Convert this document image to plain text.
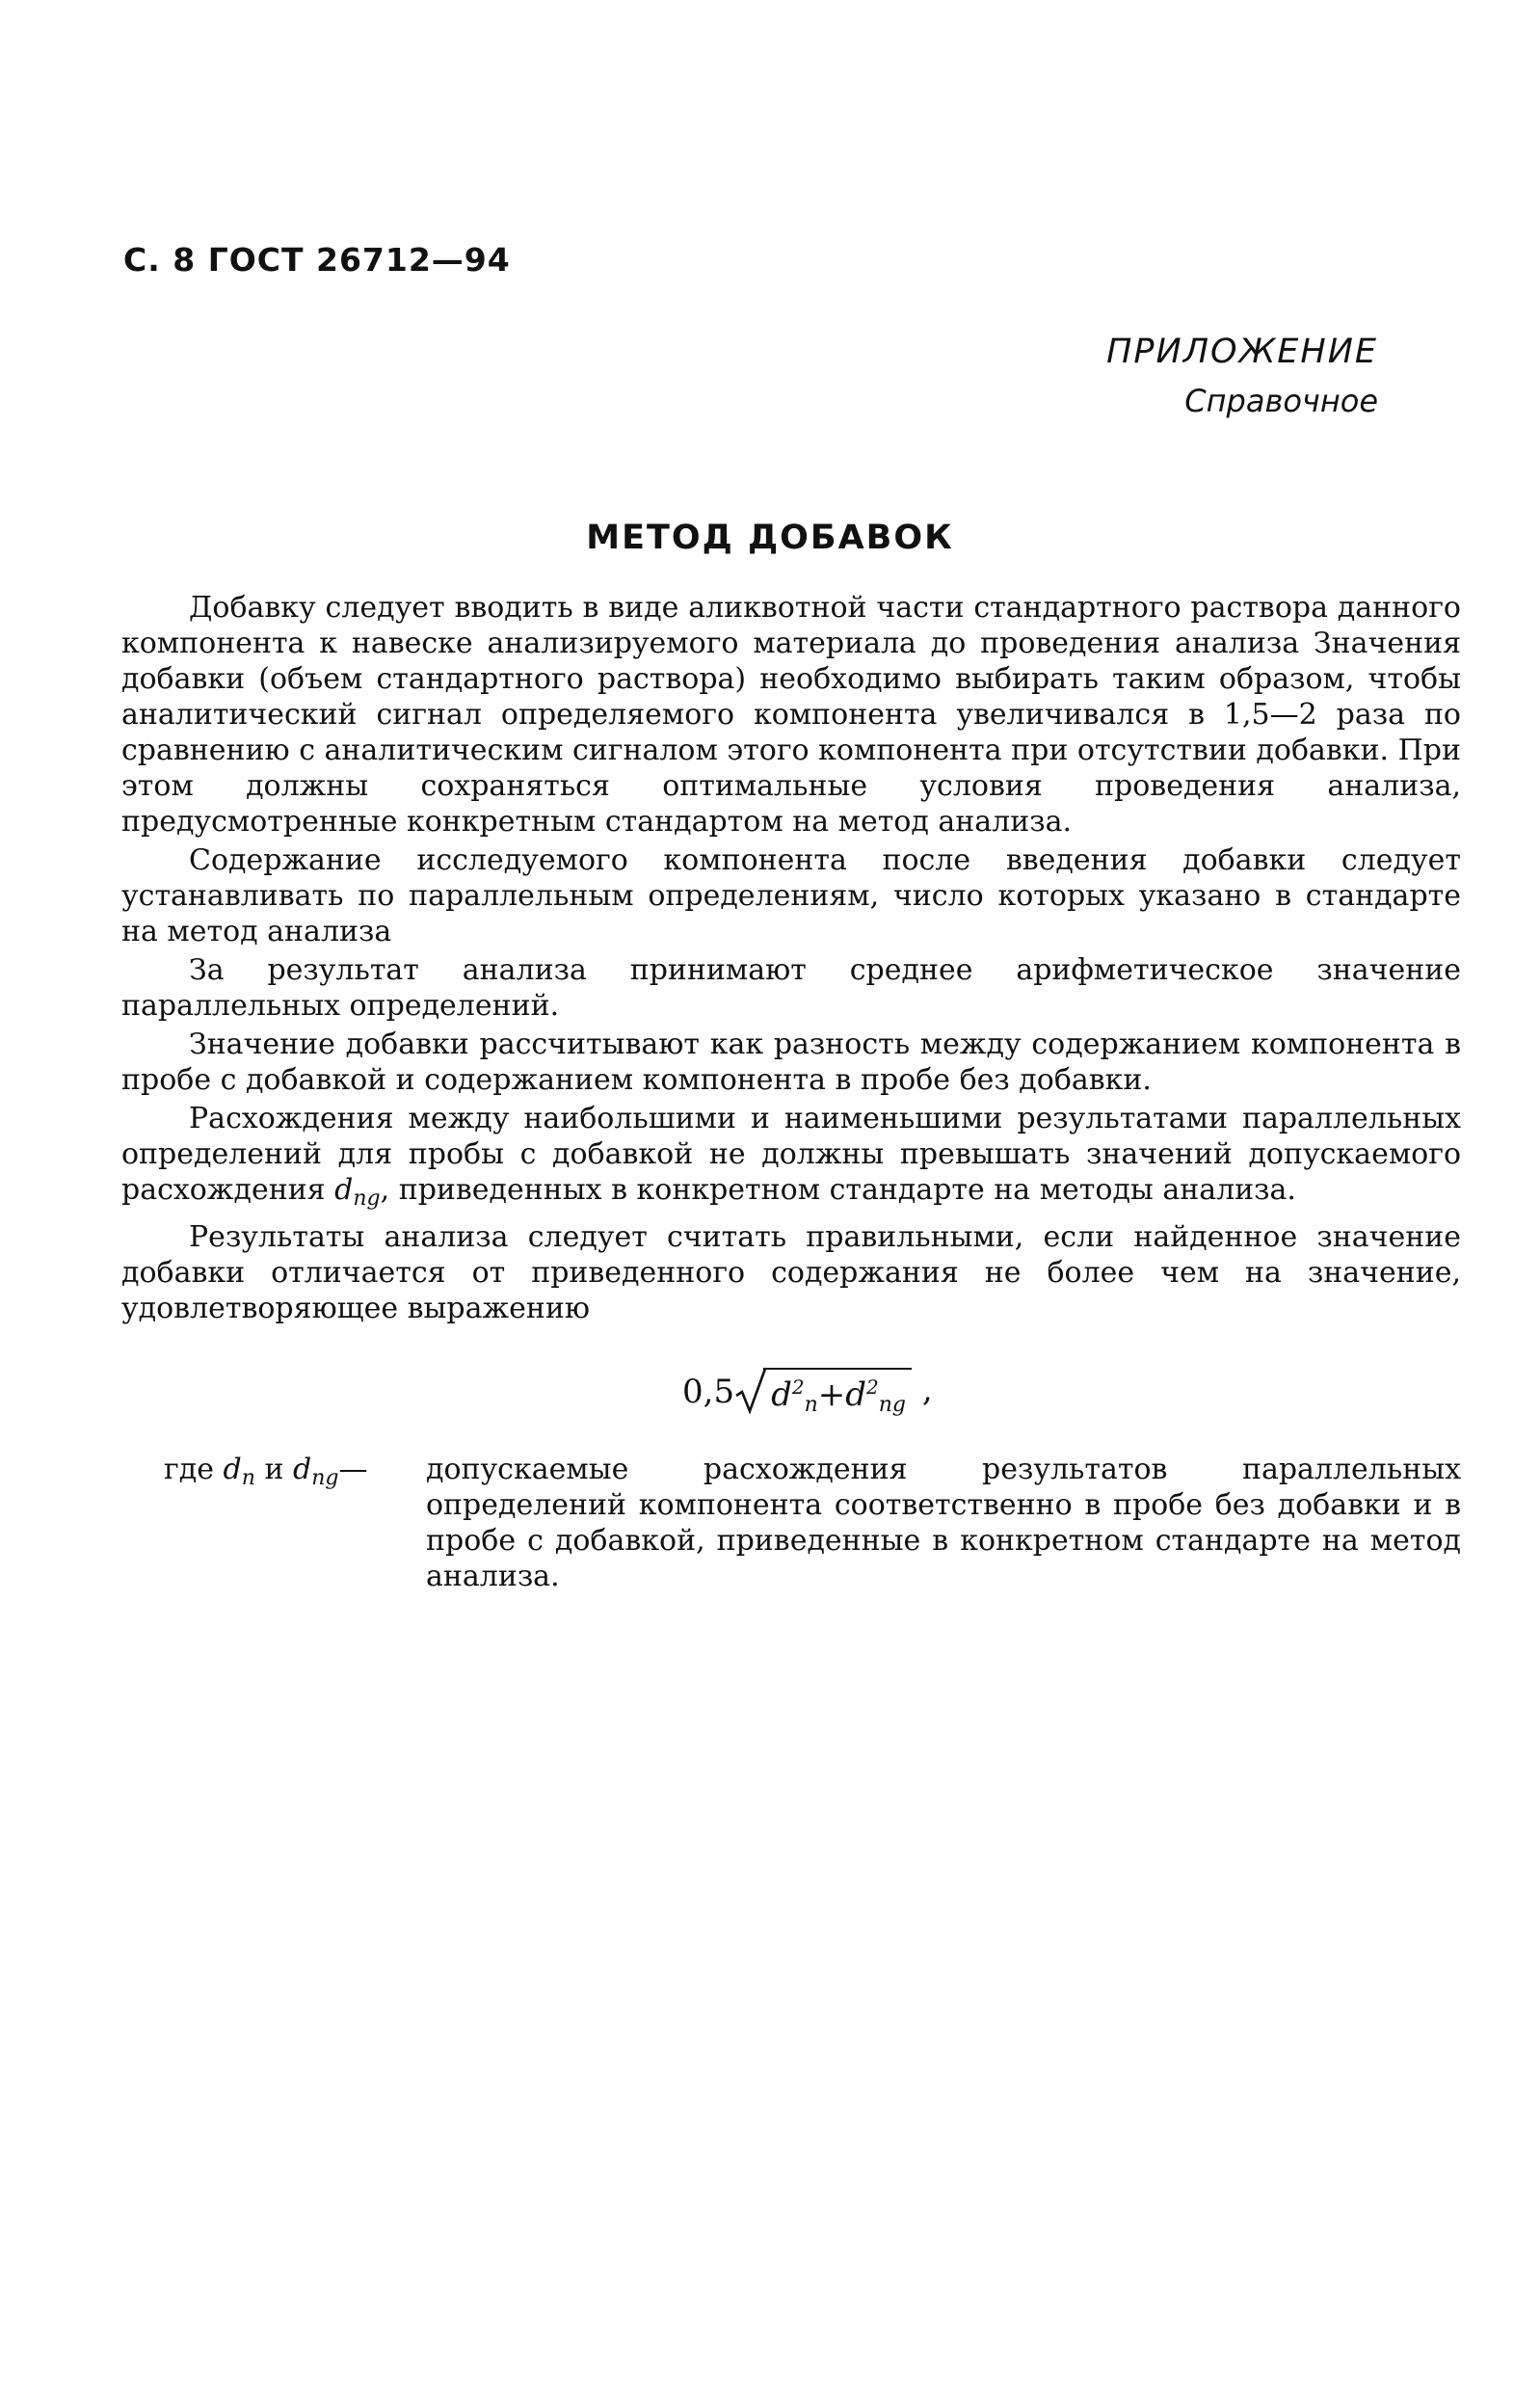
С. 8 ГОСТ 26712—94
ПРИЛОЖЕНИЕ
Справочное
МЕТОД ДОБАВОК

Добавку следует вводить в виде аликвотной части стандартного раствора данного компонента к навеске анализируемого материала до проведения анализа Значения добавки (объем стандартного раствора) необходимо выбирать таким образом, чтобы аналитический сигнал определяемого компонента увеличивался в 1,5—2 раза по сравнению с аналитическим сигналом этого компонента при отсутствии добавки. При этом должны сохраняться оптимальные условия проведения анализа, предусмотренные конкретным стандартом на метод анализа.

Содержание исследуемого компонента после введения добавки следует устанавливать по параллельным определениям, число которых указано в стандарте на метод анализа

За результат анализа принимают среднее арифметическое значение параллельных определений.

Значение добавки рассчитывают как разность между содержанием компонента в пробе с добавкой и содержанием компонента в пробе без добавки.

Расхождения между наибольшими и наименьшими результатами параллельных определений для пробы с добавкой не должны превышать значений допускаемого расхождения $d_{ng}$, приведенных в конкретном стандарте на методы анализа.

Результаты анализа следует считать правильными, если найденное значение добавки отличается от приведенного содержания не более чем на значение, удовлетворяющее выражению

0,5 $d^2_n+d^2_{ng}$ ,
где $d_n$ и $d_{ng}—$ допускаемые расхождения результатов параллельных определений компонента соответственно в пробе без добавки и в пробе с добавкой, приведенные в конкретном стандарте на метод анализа.
